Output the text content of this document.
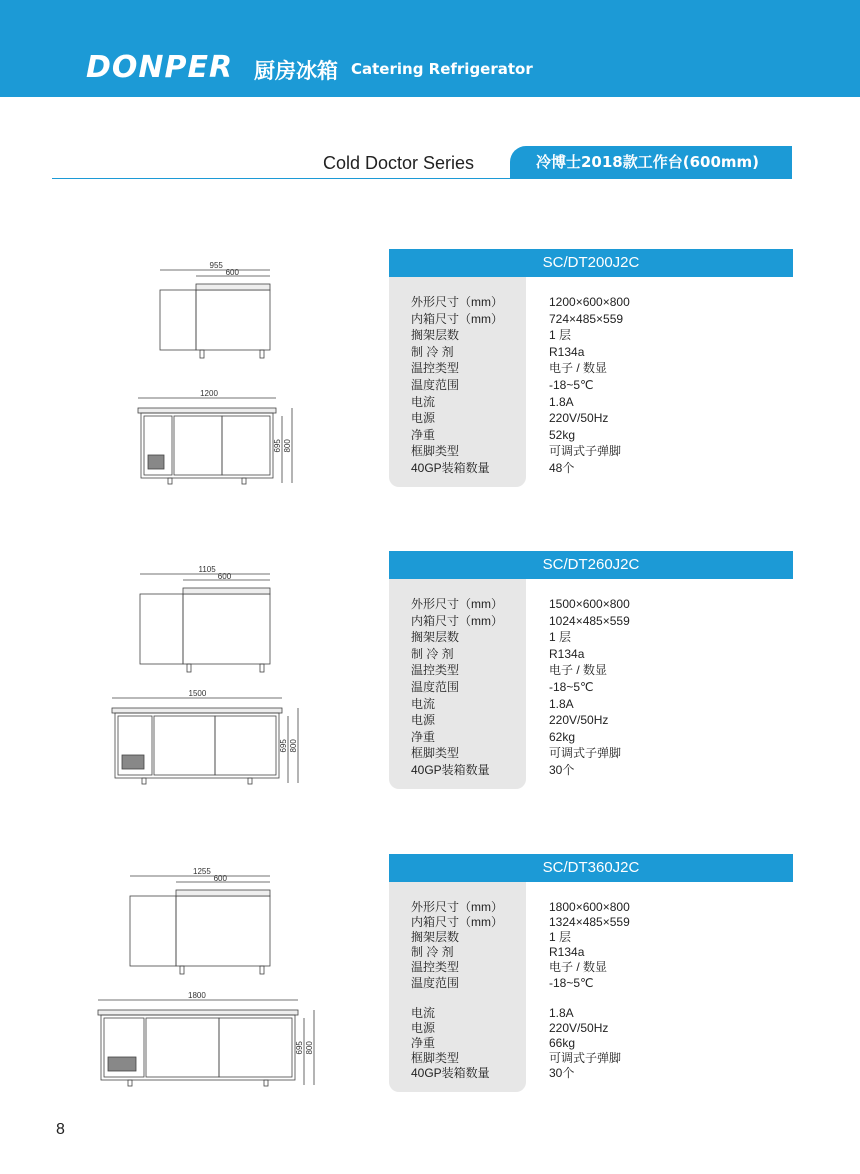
DONPER 厨房冰箱 Catering Refrigerator
Cold Doctor Series	冷博士2018款工作台(600mm)
SC/DT200J2C
外形尺寸（mm）	1200×600×800
内箱尺寸（mm）	724×485×559
搁架层数	1 层
制 冷 剂	R134a
温控类型	电子 / 数显
温度范围	-18~5℃
电流	1.8A
电源	220V/50Hz
净重	52kg
框脚类型	可调式子弹脚
40GP装箱数量	48个
955
600
1200
695 800
SC/DT260J2C
外形尺寸（mm）	1500×600×800
内箱尺寸（mm）	1024×485×559
搁架层数	1 层
制 冷 剂	R134a
温控类型	电子 / 数显
温度范围	-18~5℃
电流	1.8A
电源	220V/50Hz
净重	62kg
框脚类型	可调式子弹脚
40GP装箱数量	30个
1105
600
1500
695 800
SC/DT360J2C
外形尺寸（mm）	1800×600×800
内箱尺寸（mm）	1324×485×559
搁架层数	1 层
制 冷 剂	R134a
温控类型	电子 / 数显
温度范围	-18~5℃
电流	1.8A
电源	220V/50Hz
净重	66kg
框脚类型	可调式子弹脚
40GP装箱数量	30个
1255
600
1800
695 800
8
